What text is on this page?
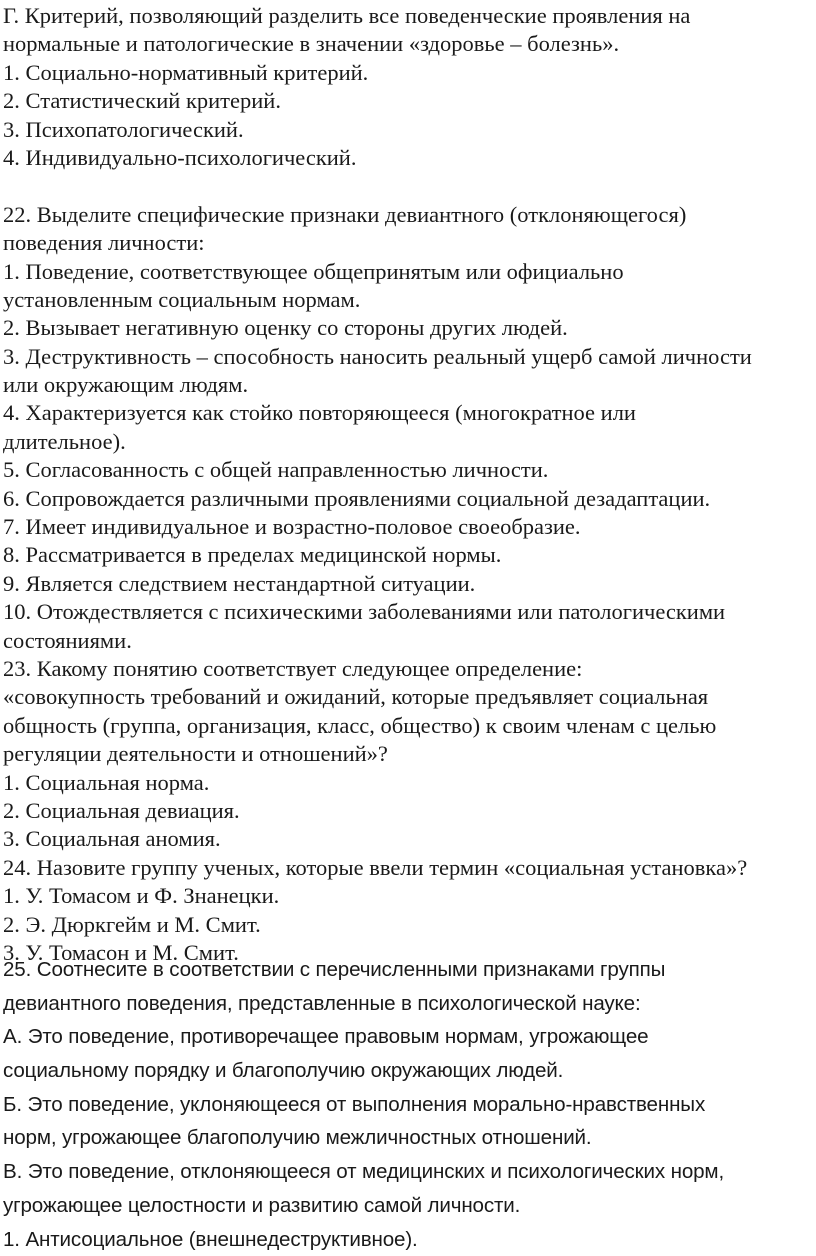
Г. Критерий, позволяющий разделить все поведенческие проявления на
нормальные и патологические в значении «здоровье – болезнь».
1. Социально-нормативный критерий.
2. Статистический критерий.
3. Психопатологический.
4. Индивидуально-психологический.
22. Выделите специфические признаки девиантного (отклоняющегося)
поведения личности:
1. Поведение, соответствующее общепринятым или официально
установленным социальным нормам.
2. Вызывает негативную оценку со стороны других людей.
3. Деструктивность – способность наносить реальный ущерб самой личности
или окружающим людям.
4. Характеризуется как стойко повторяющееся (многократное или
длительное).
5. Согласованность с общей направленностью личности.
6. Сопровождается различными проявлениями социальной дезадаптации.
7. Имеет индивидуальное и возрастно-половое своеобразие.
8. Рассматривается в пределах медицинской нормы.
9. Является следствием нестандартной ситуации.
10. Отождествляется с психическими заболеваниями или патологическими
состояниями.
23. Какому понятию соответствует следующее определение:
«совокупность требований и ожиданий, которые предъявляет социальная
общность (группа, организация, класс, общество) к своим членам с целью
регуляции деятельности и отношений»?
1. Социальная норма.
2. Социальная девиация.
3. Социальная аномия.
24. Назовите группу ученых, которые ввели термин «социальная установка»?
1. У. Томасом и Ф. Знанецки.
2. Э. Дюркгейм и М. Смит.
3. У. Томасон и М. Смит.
25. Соотнесите в соответствии с перечисленными признаками группы
девиантного поведения, представленные в психологической науке:
А. Это поведение, противоречащее правовым нормам, угрожающее
социальному порядку и благополучию окружающих людей.
Б. Это поведение, уклоняющееся от выполнения морально-нравственных
норм, угрожающее благополучию межличностных отношений.
В. Это поведение, отклоняющееся от медицинских и психологических норм,
угрожающее целостности и развитию самой личности.
1. Антисоциальное (внешнедеструктивное).
